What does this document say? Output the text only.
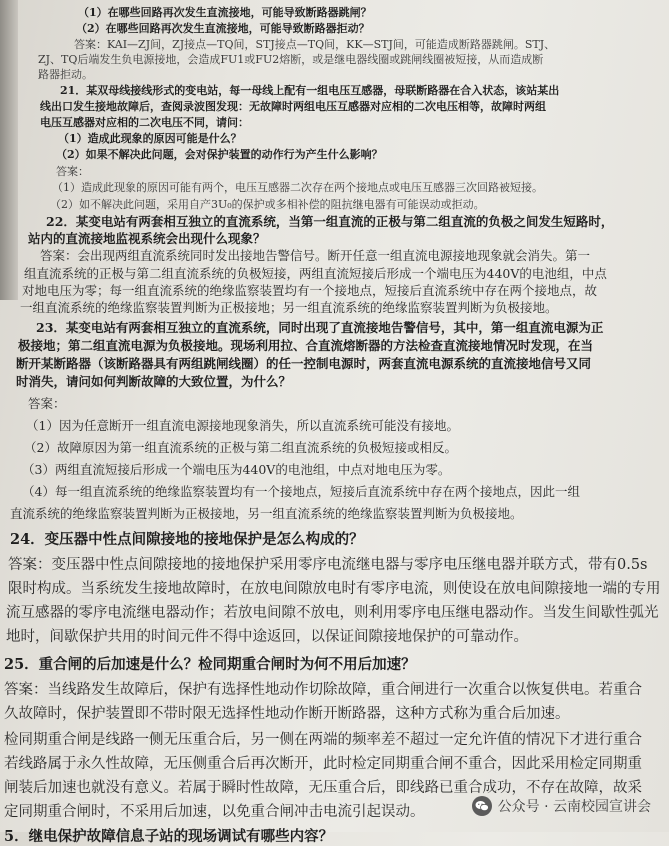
（1）在哪些回路再次发生直流接地，可能导致断路器跳闸？
（2）在哪些回路再次发生直流接地，可能导致断路器拒动？
答案：KAI—ZJ间，ZJ接点—TQ间，STJ接点—TQ间，KK—STJ间，可能造成断路器跳闸。STJ、
ZJ、TQ后端发生负电源接地，会造成FU1或FU2熔断，或是继电器线圈或跳闸线圈被短接，从而造成断
路器拒动。
21．某双母线接线形式的变电站，每一母线上配有一组电压互感器，母联断路器在合入状态，该站某出
线出口发生接地故障后，查阅录波图发现：无故障时两组电压互感器对应相的二次电压相等，故障时两组
电压互感器对应相的二次电压不同，请问：
（1）造成此现象的原因可能是什么？
（2）如果不解决此问题，会对保护装置的动作行为产生什么影响？
答案：
（1）造成此现象的原因可能有两个，电压互感器二次存在两个接地点或电压互感器三次回路被短接。
（2）如不解决此问题，采用自产3U₀的保护或多相补偿的阻抗继电器有可能误动或拒动。
22．某变电站有两套相互独立的直流系统，当第一组直流的正极与第二组直流的负极之间发生短路时，
站内的直流接地监视系统会出现什么现象？
答案：会出现两组直流系统同时发出接地告警信号。断开任意一组直流电源接地现象就会消失。第一
组直流系统的正极与第二组直流系统的负极短接，两组直流短接后形成一个端电压为440V的电池组，中点
对地电压为零；每一组直流系统的绝缘监察装置均有一个接地点，短接后直流系统中存在两个接地点，故
一组直流系统的绝缘监察装置判断为正极接地；另一组直流系统的绝缘监察装置判断为负极接地。
23．某变电站有两套相互独立的直流系统，同时出现了直流接地告警信号，其中，第一组直流电源为正
极接地；第二组直流电源为负极接地。现场利用拉、合直流熔断器的方法检查直流接地情况时发现，在当
断开某断路器（该断路器具有两组跳闸线圈）的任一控制电源时，两套直流电源系统的直流接地信号又同
时消失，请问如何判断故障的大致位置，为什么？
答案：
（1）因为任意断开一组直流电源接地现象消失，所以直流系统可能没有接地。
（2）故障原因为第一组直流系统的正极与第二组直流系统的负极短接或相反。
（3）两组直流短接后形成一个端电压为440V的电池组，中点对地电压为零。
（4）每一组直流系统的绝缘监察装置均有一个接地点，短接后直流系统中存在两个接地点，因此一组
直流系统的绝缘监察装置判断为正极接地，另一组直流系统的绝缘监察装置判断为负极接地。
24．变压器中性点间隙接地的接地保护是怎么构成的？
答案：变压器中性点间隙接地的接地保护采用零序电流继电器与零序电压继电器并联方式，带有0.5s
限时构成。当系统发生接地故障时，在放电间隙放电时有零序电流，则使设在放电间隙接地一端的专用
流互感器的零序电流继电器动作；若放电间隙不放电，则利用零序电压继电器动作。当发生间歇性弧光
地时，间歇保护共用的时间元件不得中途返回，以保证间隙接地保护的可靠动作。
25．重合闸的后加速是什么？检同期重合闸时为何不用后加速？
答案：当线路发生故障后，保护有选择性地动作切除故障，重合闸进行一次重合以恢复供电。若重合
久故障时，保护装置即不带时限无选择性地动作断开断路器，这种方式称为重合后加速。
检同期重合闸是线路一侧无压重合后，另一侧在两端的频率差不超过一定允许值的情况下才进行重合
若线路属于永久性故障，无压侧重合后再次断开，此时检定同期重合闸不重合，因此采用检定同期重
闸装后加速也就没有意义。若属于瞬时性故障，无压重合后，即线路已重合成功，不存在故障，故采
定同期重合闸时，不采用后加速，以免重合闸冲击电流引起误动。
5．继电保护故障信息子站的现场调试有哪些内容？
公众号 · 云南校园宣讲会
